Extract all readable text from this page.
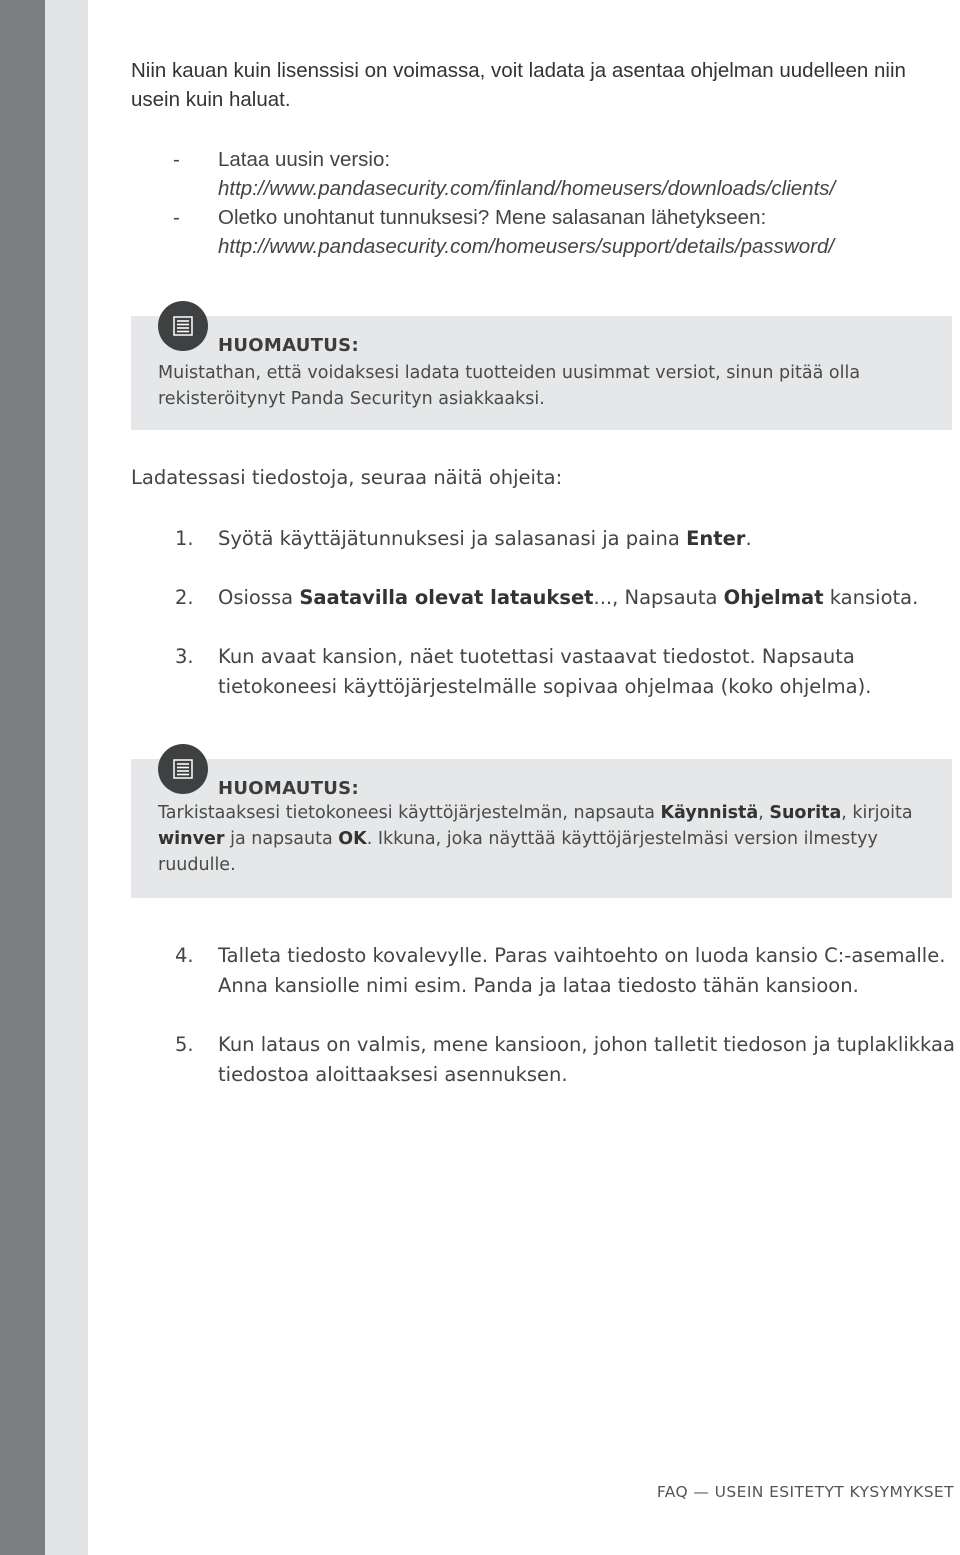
Niin kauan kuin lisenssisi on voimassa, voit ladata ja asentaa ohjelman uudelleen niin usein kuin haluat.

-	Lataa uusin versio:
http://www.pandasecurity.com/finland/homeusers/downloads/clients/
-	Oletko unohtanut tunnuksesi? Mene salasanan lähetykseen:
http://www.pandasecurity.com/homeusers/support/details/password/
HUOMAUTUS:
Muistathan, että voidaksesi ladata tuotteiden uusimmat versiot, sinun pitää olla rekisteröitynyt Panda Securityn asiakkaaksi.
Ladatessasi tiedostoja, seuraa näitä ohjeita:
1.	Syötä käyttäjätunnuksesi ja salasanasi ja paina Enter.
2.	Osiossa Saatavilla olevat lataukset..., Napsauta Ohjelmat kansiota.
3.	Kun avaat kansion, näet tuotettasi vastaavat tiedostot. Napsauta tietokoneesi käyttöjärjestelmälle sopivaa ohjelmaa (koko ohjelma).
HUOMAUTUS:
Tarkistaaksesi tietokoneesi käyttöjärjestelmän, napsauta Käynnistä, Suorita, kirjoita winver ja napsauta OK. Ikkuna, joka näyttää käyttöjärjestelmäsi version ilmestyy ruudulle.
4.	Talleta tiedosto kovalevylle. Paras vaihtoehto on luoda kansio C:-asemalle. Anna kansiolle nimi esim. Panda ja lataa tiedosto tähän kansioon.
5.	Kun lataus on valmis, mene kansioon, johon talletit tiedoson ja tuplaklikkaa tiedostoa aloittaaksesi asennuksen.
FAQ — USEIN ESITETYT KYSYMYKSET
